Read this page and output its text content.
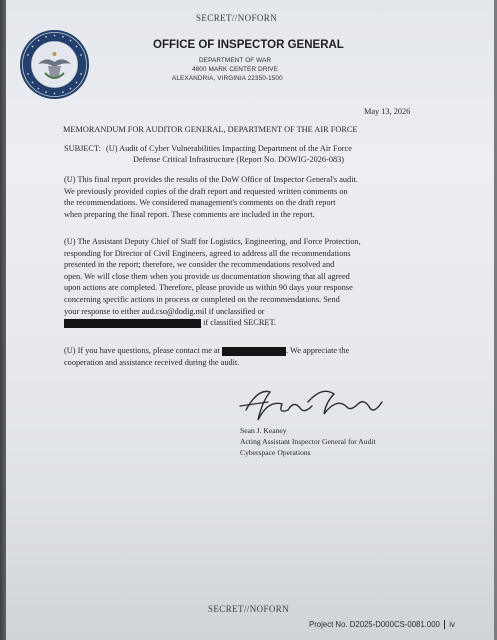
SECRET//NOFORN
OFFICE OF INSPECTOR GENERAL
DEPARTMENT OF WAR
4800 MARK CENTER DRIVE
ALEXANDRIA, VIRGINIA 22350-1500
May 13, 2026
MEMORANDUM FOR AUDITOR GENERAL, DEPARTMENT OF THE AIR FORCE
SUBJECT: (U) Audit of Cyber Vulnerabilities Impacting Department of the Air Force
Defense Critical Infrastructure (Report No. DOWIG-2026-083)
(U) This final report provides the results of the DoW Office of Inspector General's audit.
We previously provided copies of the draft report and requested written comments on
the recommendations. We considered management's comments on the draft report
when preparing the final report. These comments are included in the report.
(U) The Assistant Deputy Chief of Staff for Logistics, Engineering, and Force Protection,
responding for Director of Civil Engineers, agreed to address all the recommendations
presented in the report; therefore, we consider the recommendations resolved and
open. We will close them when you provide us documentation showing that all agreed
upon actions are completed. Therefore, please provide us within 90 days your response
concerning specific actions in process or completed on the recommendations. Send
your response to either aud.cso@dodig.mil if unclassified or
if classified SECRET.
(U) If you have questions, please contact me at	. We appreciate the
cooperation and assistance received during the audit.
Sean J. Keaney
Acting Assistant Inspector General for Audit
Cyberspace Operations
SECRET//NOFORN
Project No. D2025-D000CS-0081.000 iv
